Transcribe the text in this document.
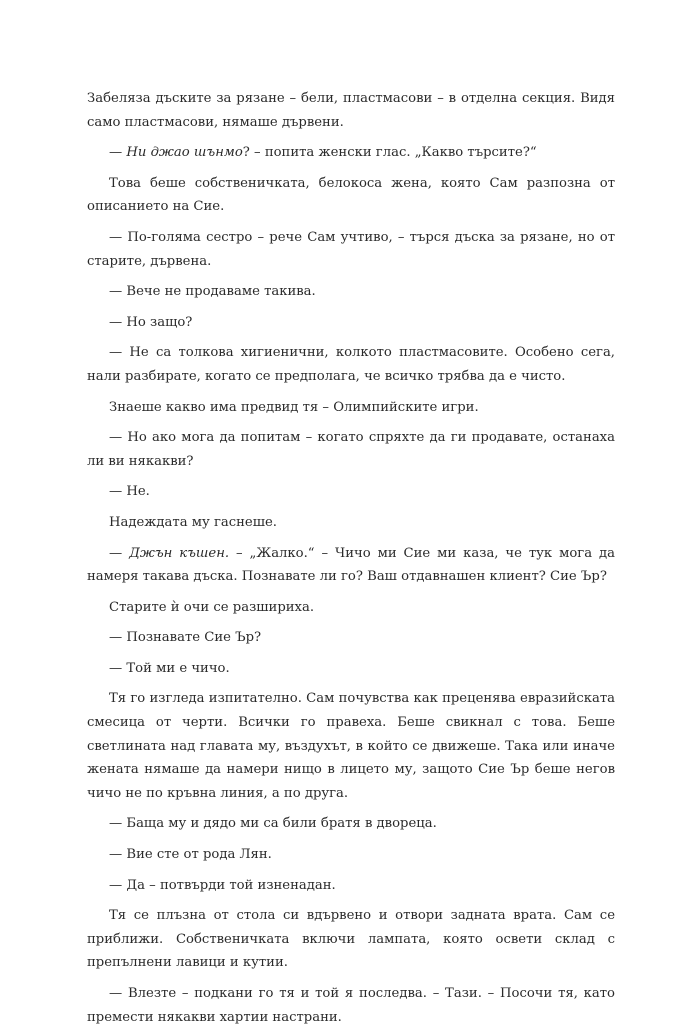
Забеляза дъските за рязане – бели, пластмасови – в отделна секция. Видя само пластмасови, нямаше дървени.

— Ни джао шънмо? – попита женски глас. „Какво търсите?“

Това беше собственичката, белокоса жена, която Сам разпозна от описанието на Сие.

— По-голяма сестро – рече Сам учтиво, – търся дъска за рязане, но от старите, дървена.

— Вече не продаваме такива.

— Но защо?

— Не са толкова хигиенични, колкото пластмасовите. Особено сега, нали разбирате, когато се предполага, че всичко трябва да е чисто.

Знаеше какво има предвид тя – Олимпийските игри.

— Но ако мога да попитам – когато спряхте да ги продавате, останаха ли ви някакви?

— Не.

Надеждата му гаснеше.

— Джън къшен. – „Жалко.“ – Чичо ми Сие ми каза, че тук мога да намеря такава дъска. Познавате ли го? Ваш отдавнашен клиент? Сие Ър?

Старите ѝ очи се разшириха.

— Познавате Сие Ър?

— Той ми е чичо.

Тя го изгледа изпитателно. Сам почувства как преценява евразийската смесица от черти. Всички го правеха. Беше свикнал с това. Беше светлината над главата му, въздухът, в който се движеше. Така или иначе жената нямаше да намери нищо в лицето му, защото Сие Ър беше негов чичо не по кръвна линия, а по друга.

— Баща му и дядо ми са били братя в двореца.

— Вие сте от рода Лян.

— Да – потвърди той изненадан.

Тя се плъзна от стола си вдървено и отвори задната врата. Сам се приближи. Собственичката включи лампата, която освети склад с препълнени лавици и кутии.

— Влезте – подкани го тя и той я последва. – Тази. – Посочи тя, като премести някакви хартии настрани.
